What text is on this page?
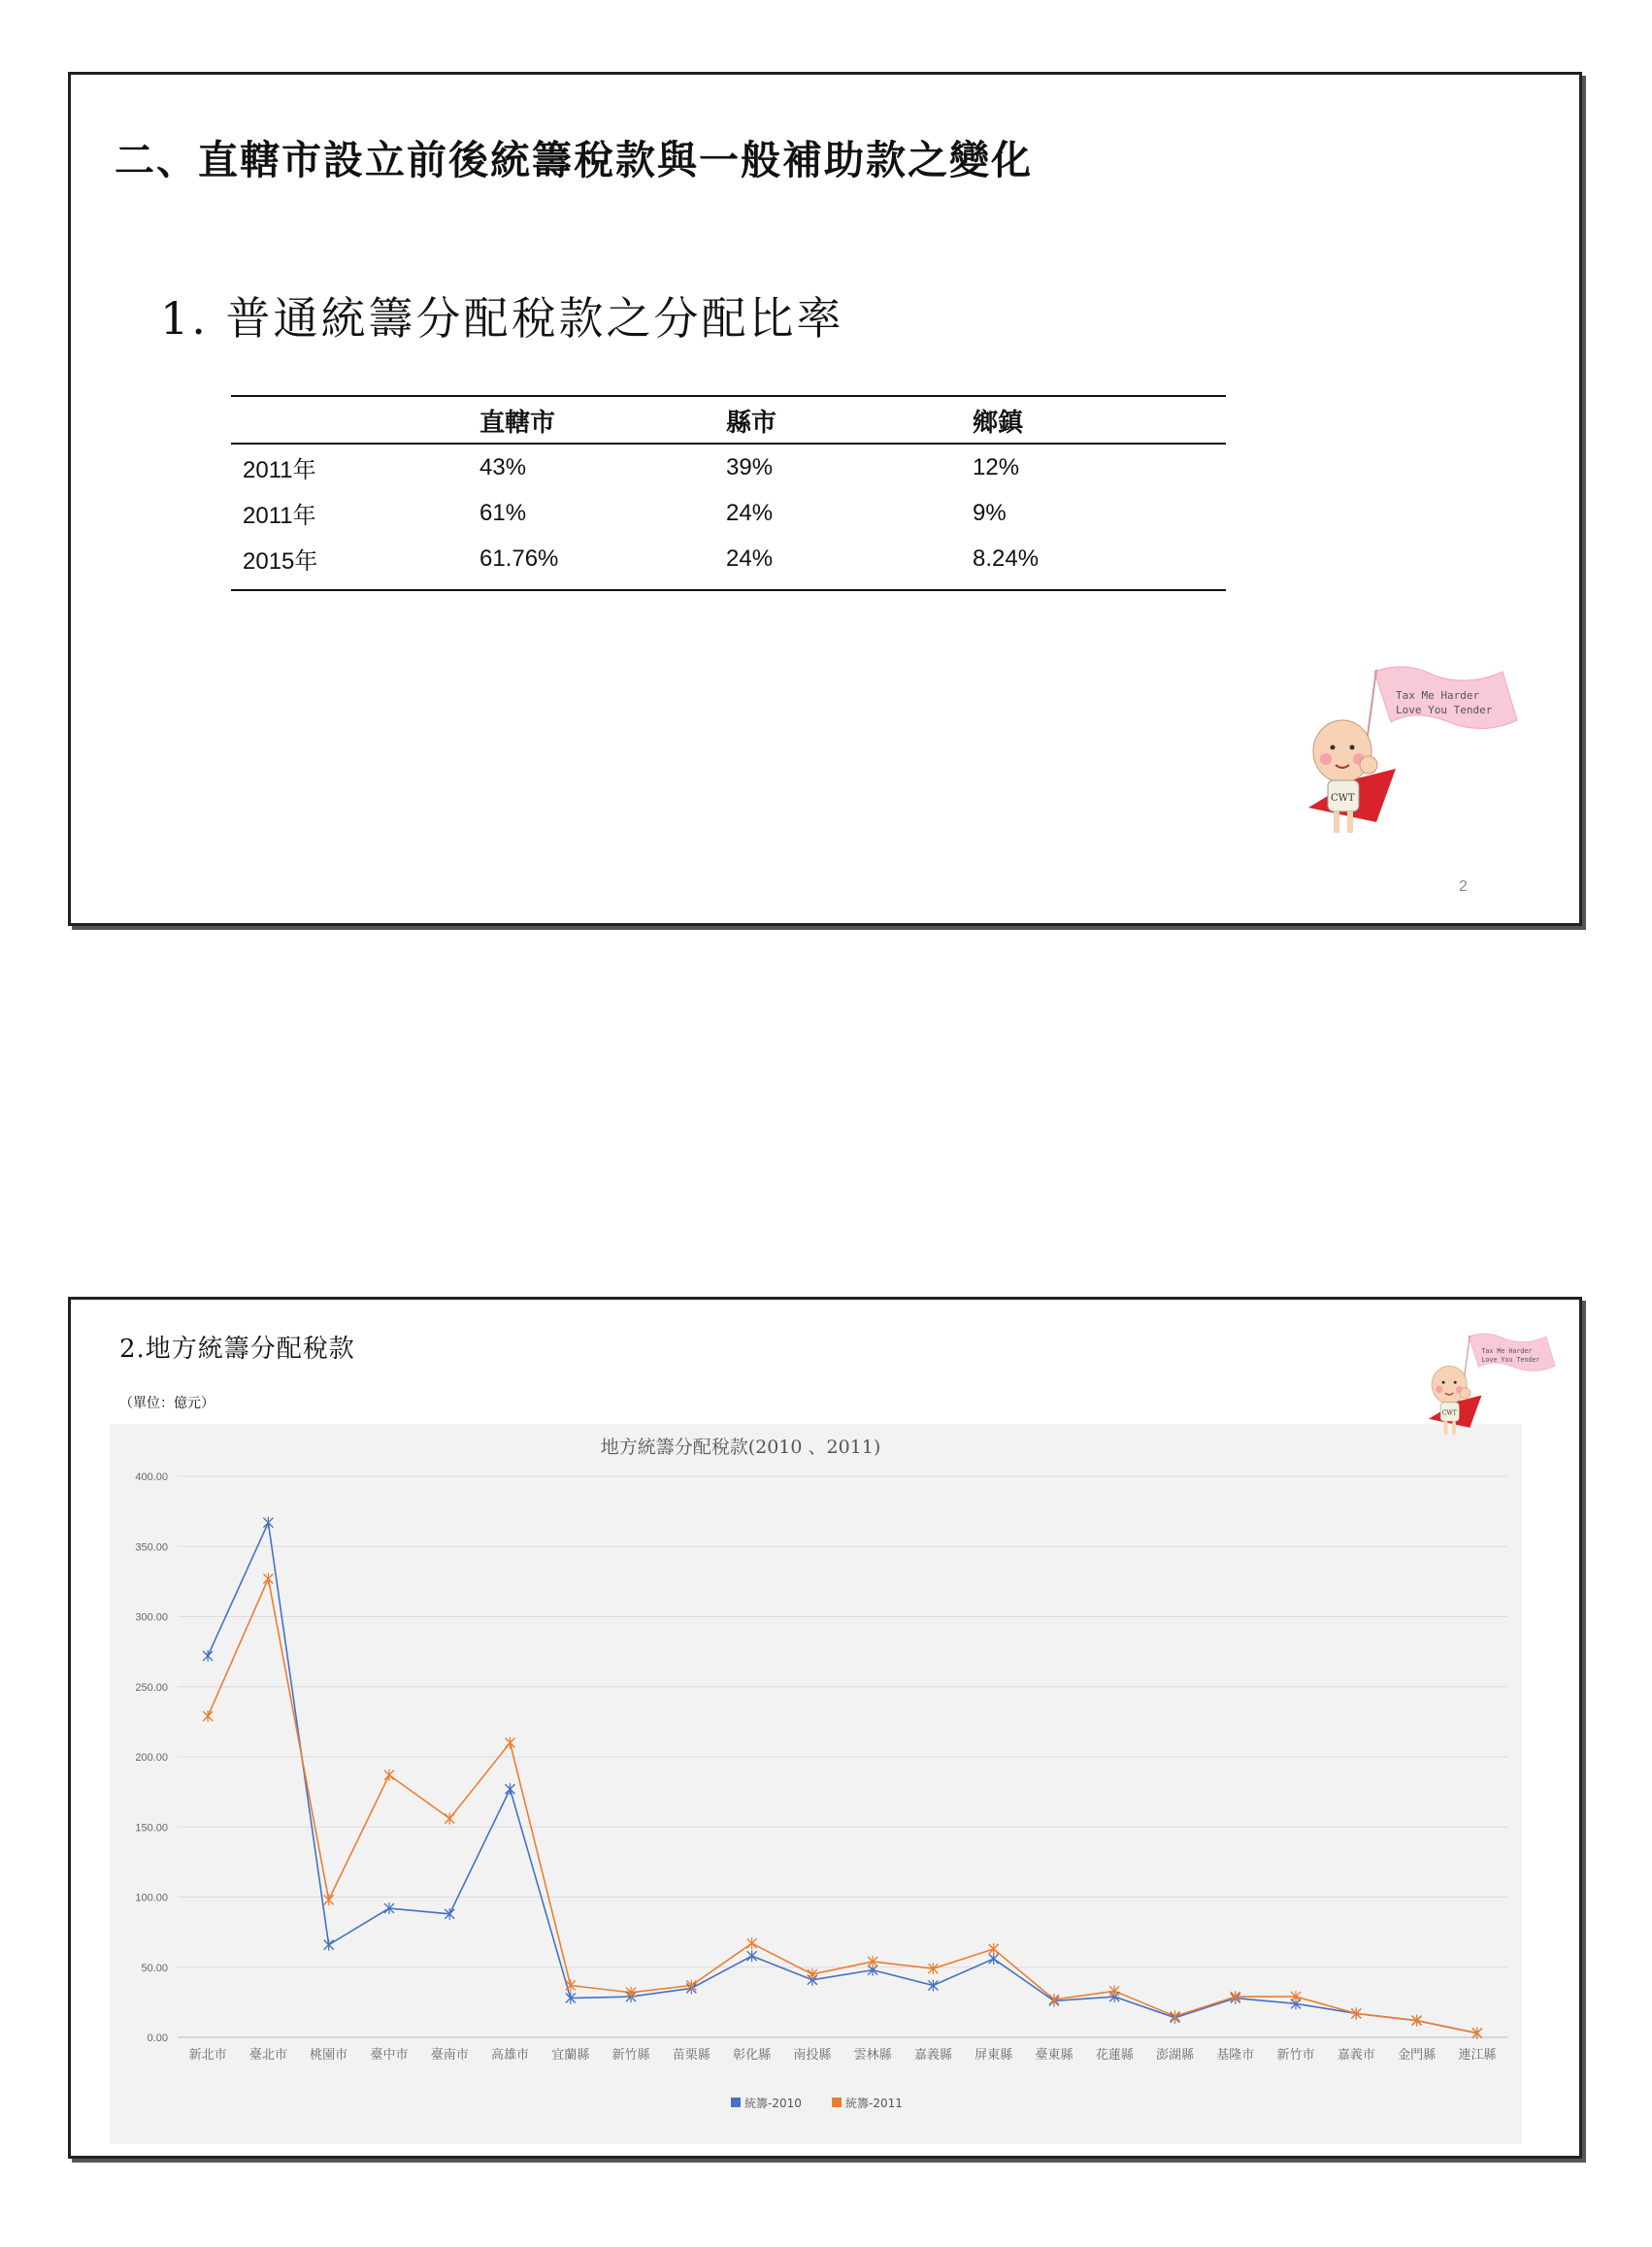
二、直轄市設立前後統籌稅款與一般補助款之變化
1. 普通統籌分配稅款之分配比率
	直轄市	縣市	鄉鎮
2011年	43%	39%	12%
2011年	61%	24%	9%
2015年	61.76%	24%	8.24%
Tax Me Harder
Love You Tender
CWT
2
2.地方統籌分配稅款
（單位：億元）
地方統籌分配稅款(2010 、2011)
0.00
50.00
100.00
150.00
200.00
250.00
300.00
350.00
400.00
新北市 臺北市 桃園市 臺中市 臺南市 高雄市 宜蘭縣 新竹縣 苗栗縣 彰化縣 南投縣 雲林縣 嘉義縣 屏東縣 臺東縣 花蓮縣 澎湖縣 基隆市 新竹市 嘉義市 金門縣 連江縣
統籌-2010	統籌-2011
Tax Me Harder
Love You Tender
CWT
